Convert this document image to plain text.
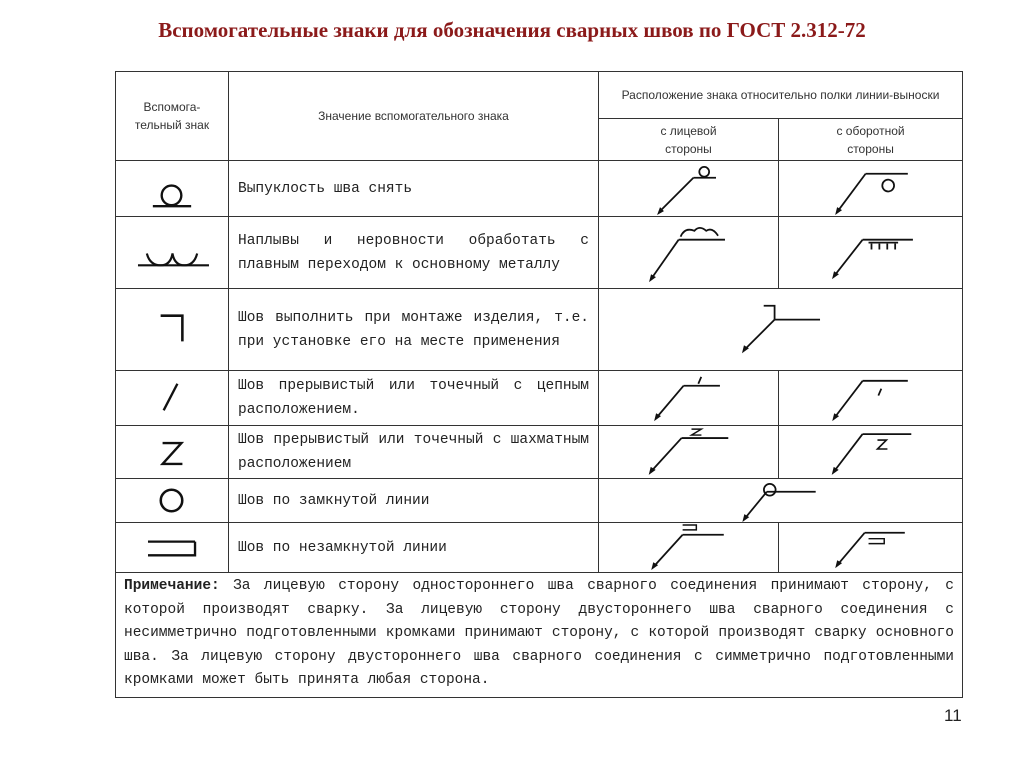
Вспомогательные знаки для обозначения сварных швов по ГОСТ 2.312-72
Вспомога-тельный знак	Значение вспомогательного знака	Расположение знака относительно полки линии-выноски	
		с лицевой стороны	с оборотной стороны

	Выпуклость шва снять	

	Наплывы и неровности обработать с плавным переходом к основному металлу	

	Шов выполнить при монтаже изделия, т.е. при установке его на месте применения	

	Шов прерывистый или точечный с цепным расположением.	

	Шов прерывистый или точечный с шахматным расположением	

	Шов по замкнутой линии	

	Шов по незамкнутой линии	

Примечание: За лицевую сторону одностороннего шва сварного соединения принимают сторону, с которой производят сварку. За лицевую сторону двустороннего шва сварного соединения с несимметрично подготовленными кромками принимают сторону, с которой производят сварку основного шва. За лицевую сторону двустороннего шва сварного соединения с симметрично подготовленными кромками может быть принята любая сторона.			
11
